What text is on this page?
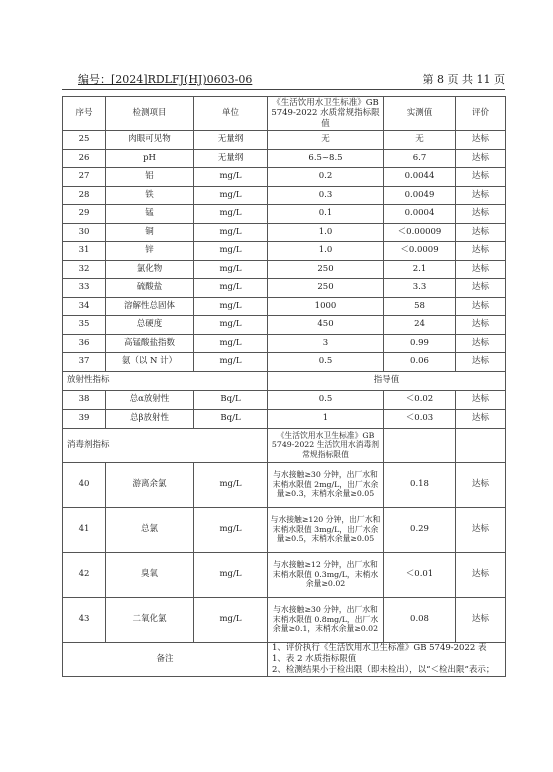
编号：[2024]RDLFJ(HJ)0603-06	第 8 页 共 11 页
序号	检测项目	单位	《生活饮用水卫生标准》GB 5749-2022 水质常规指标限值	实测值	评价
25	肉眼可见物	无量纲	无	无	达标
26	pH	无量纲	6.5~8.5	6.7	达标
27	铝	mg/L	0.2	0.0044	达标
28	铁	mg/L	0.3	0.0049	达标
29	锰	mg/L	0.1	0.0004	达标
30	铜	mg/L	1.0	＜0.00009	达标
31	锌	mg/L	1.0	＜0.0009	达标
32	氯化物	mg/L	250	2.1	达标
33	硫酸盐	mg/L	250	3.3	达标
34	溶解性总固体	mg/L	1000	58	达标
35	总硬度	mg/L	450	24	达标
36	高锰酸盐指数	mg/L	3	0.99	达标
37	氨（以 N 计）	mg/L	0.5	0.06	达标
放射性指标			指导值		
38	总α放射性	Bq/L	0.5	＜0.02	达标
39	总β放射性	Bq/L	1	＜0.03	达标
消毒剂指标			《生活饮用水卫生标准》GB 5749-2022 生活饮用水消毒剂常规指标限值		
40	游离余氯	mg/L	与水接触≥30 分钟，出厂水和末梢水限值 2mg/L，出厂水余量≥0.3，末梢水余量≥0.05	0.18	达标
41	总氯	mg/L	与水接触≥120 分钟，出厂水和末梢水限值 3mg/L，出厂水余量≥0.5，末梢水余量≥0.05	0.29	达标
42	臭氧	mg/L	与水接触≥12 分钟，出厂水和末梢水限值 0.3mg/L，末梢水余量≥0.02	＜0.01	达标
43	二氧化氯	mg/L	与水接触≥30 分钟，出厂水和末梢水限值 0.8mg/L，出厂水余量≥0.1，末梢水余量≥0.02	0.08	达标
备注			1、评价执行《生活饮用水卫生标准》GB 5749-2022 表 1、表 2 水质指标限值
2、检测结果小于检出限（即未检出），以“＜检出限”表示；		
